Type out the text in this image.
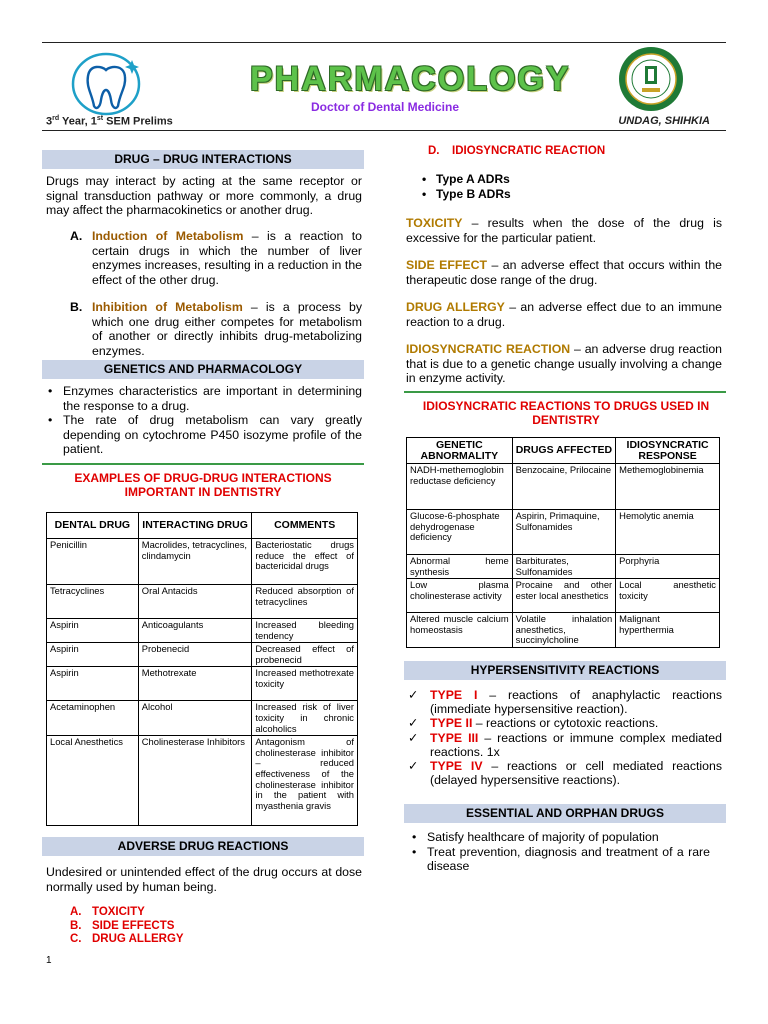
PHARMACOLOGY
Doctor of Dental Medicine
3rd Year, 1st SEM Prelims	UNDAG, SHIHKIA
DRUG – DRUG INTERACTIONS
Drugs may interact by acting at the same receptor or signal transduction pathway or more commonly, a drug may affect the pharmacokinetics or another drug.
A. Induction of Metabolism – is a reaction to certain drugs in which the number of liver enzymes increases, resulting in a reduction in the effect of the other drug.
B. Inhibition of Metabolism – is a process by which one drug either competes for metabolism of another or directly inhibits drug-metabolizing enzymes.
GENETICS AND PHARMACOLOGY
• Enzymes characteristics are important in determining the response to a drug.
• The rate of drug metabolism can vary greatly depending on cytochrome P450 isozyme profile of the patient.
EXAMPLES OF DRUG-DRUG INTERACTIONS IMPORTANT IN DENTISTRY
DENTAL DRUG	INTERACTING DRUG	COMMENTS
Penicillin	Macrolides, tetracyclines, clindamycin	Bacteriostatic drugs reduce the effect of bactericidal drugs
Tetracyclines	Oral Antacids	Reduced absorption of tetracyclines
Aspirin	Anticoagulants	Increased bleeding tendency
Aspirin	Probenecid	Decreased effect of probenecid
Aspirin	Methotrexate	Increased methotrexate toxicity
Acetaminophen	Alcohol	Increased risk of liver toxicity in chronic alcoholics
Local Anesthetics	Cholinesterase Inhibitors	Antagonism of cholinesterase inhibitor – reduced effectiveness of the cholinesterase inhibitor in the patient with myasthenia gravis
ADVERSE DRUG REACTIONS
Undesired or unintended effect of the drug occurs at dose normally used by human being.
A. TOXICITY
B. SIDE EFFECTS
C. DRUG ALLERGY
1
D. IDIOSYNCRATIC REACTION
• Type A ADRs
• Type B ADRs
TOXICITY – results when the dose of the drug is excessive for the particular patient.
SIDE EFFECT – an adverse effect that occurs within the therapeutic dose range of the drug.
DRUG ALLERGY – an adverse effect due to an immune reaction to a drug.
IDIOSYNCRATIC REACTION – an adverse drug reaction that is due to a genetic change usually involving a change in enzyme activity.
IDIOSYNCRATIC REACTIONS TO DRUGS USED IN DENTISTRY
GENETIC ABNORMALITY	DRUGS AFFECTED	IDIOSYNCRATIC RESPONSE
NADH-methemoglobin reductase deficiency	Benzocaine, Prilocaine	Methemoglobinemia
Glucose-6-phosphate dehydrogenase deficiency	Aspirin, Primaquine, Sulfonamides	Hemolytic anemia
Abnormal heme synthesis	Barbiturates, Sulfonamides	Porphyria
Low plasma cholinesterase activity	Procaine and other ester local anesthetics	Local anesthetic toxicity
Altered muscle calcium homeostasis	Volatile inhalation anesthetics, succinylcholine	Malignant hyperthermia
HYPERSENSITIVITY REACTIONS
✓ TYPE I – reactions of anaphylactic reactions (immediate hypersensitive reaction).
✓ TYPE II – reactions or cytotoxic reactions.
✓ TYPE III – reactions or immune complex mediated reactions. 1x
✓ TYPE IV – reactions or cell mediated reactions (delayed hypersensitive reactions).
ESSENTIAL AND ORPHAN DRUGS
• Satisfy healthcare of majority of population
• Treat prevention, diagnosis and treatment of a rare disease
